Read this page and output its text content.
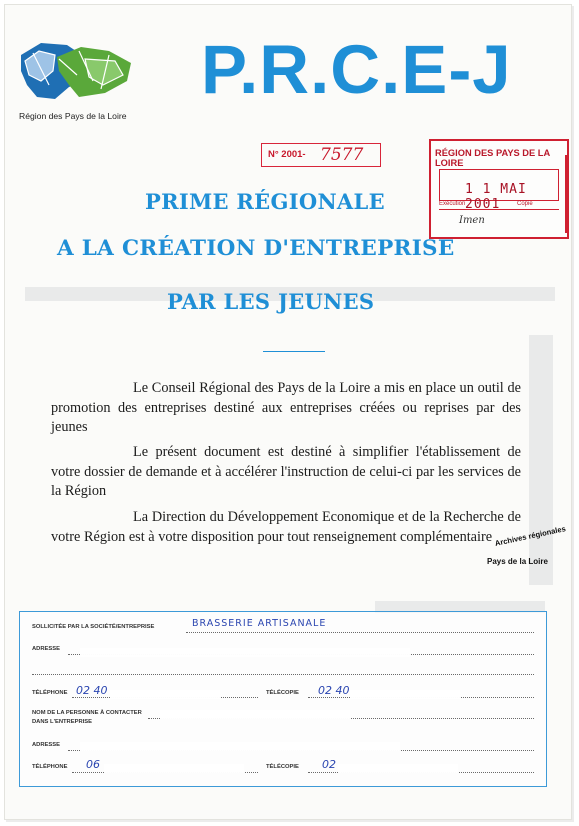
Région des Pays de la Loire
P.R.C.E-J
N° 2001- 7577	RÉGION DES PAYS DE LA LOIRE
1 1 MAI 2001
Exécution	Copie
Imen
PRIME RÉGIONALE
A LA CRÉATION D'ENTREPRISE
PAR LES JEUNES

Le Conseil Régional des Pays de la Loire a mis en place un outil de promotion des entreprises destiné aux entreprises créées ou reprises par des jeunes

Le présent document est destiné à simplifier l'établissement de votre dossier de demande et à accélérer l'instruction de celui-ci par les services de la Région

La Direction du Développement Economique et de la Recherche de votre Région est à votre disposition pour tout renseignement complémentaire Archives régionales
Pays de la Loire
SOLLICITÉE PAR LA SOCIÉTÉ/ENTREPRISE	BRASSERIE ARTISANALE
ADRESSE
TÉLÉPHONE 02 40	TÉLÉCOPIE 02 40
NOM DE LA PERSONNE À CONTACTER
DANS L'ENTREPRISE
ADRESSE
TÉLÉPHONE 06	TÉLÉCOPIE 02
